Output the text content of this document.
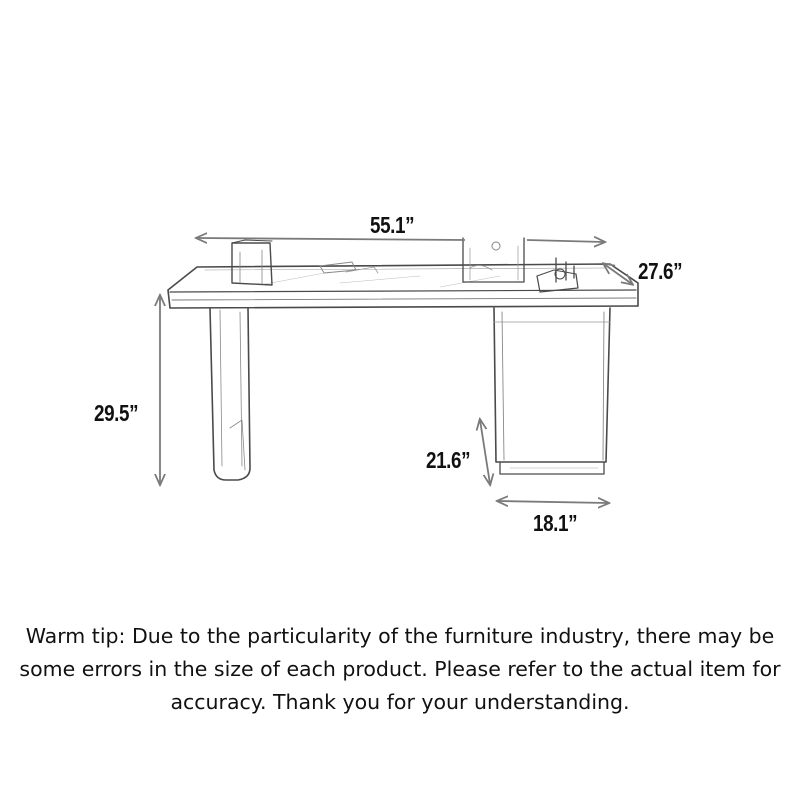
55.1”
27.6”
29.5”
21.6”
18.1”
Warm tip: Due to the particularity of the furniture industry, there may be some errors in the size of each product. Please refer to the actual item for accuracy. Thank you for your understanding.
